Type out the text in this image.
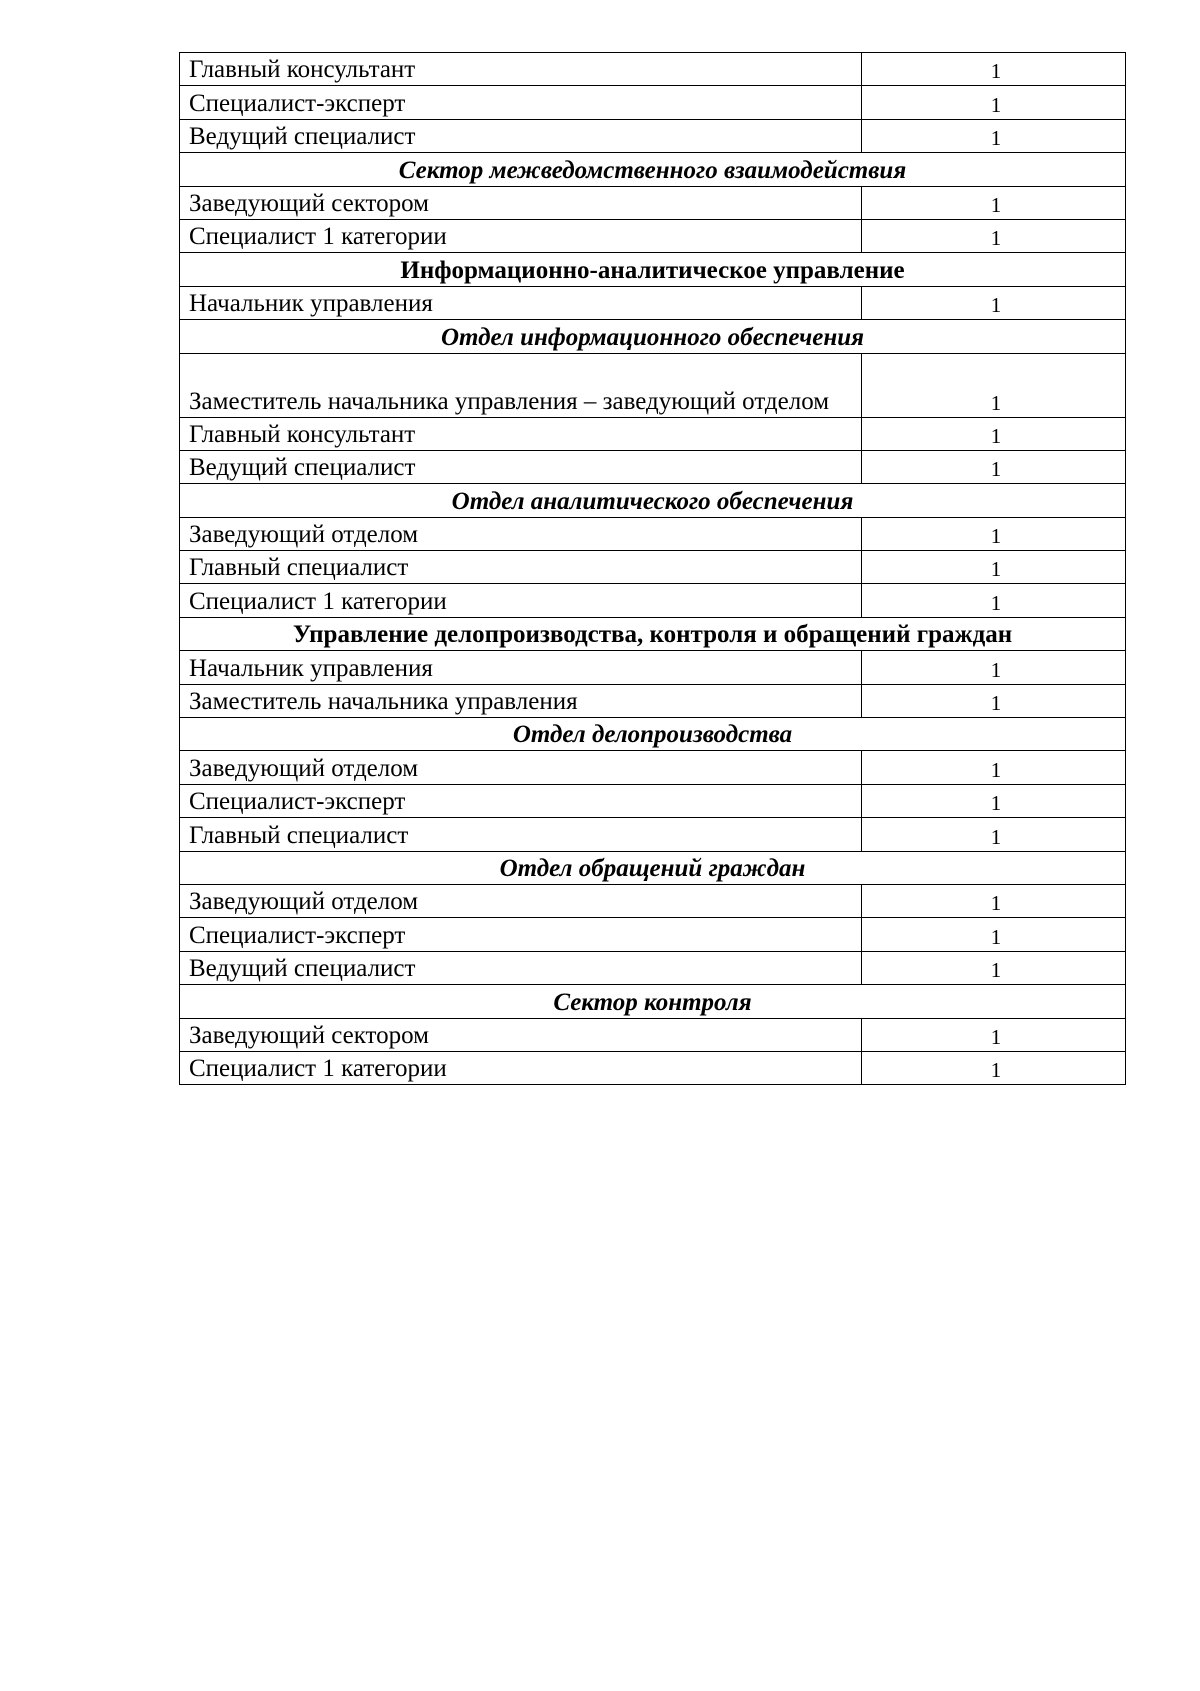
Главный консультант	1
Специалист-эксперт	1
Ведущий специалист	1
Сектор межведомственного взаимодействия	
Заведующий сектором	1
Специалист 1 категории	1
Информационно-аналитическое управление	
Начальник управления	1
Отдел информационного обеспечения	
Заместитель начальника управления – заведующий отделом	1
Главный консультант	1
Ведущий специалист	1
Отдел аналитического обеспечения	
Заведующий отделом	1
Главный специалист	1
Специалист 1 категории	1
Управление делопроизводства, контроля и обращений граждан	
Начальник управления	1
Заместитель начальника управления	1
Отдел делопроизводства	
Заведующий отделом	1
Специалист-эксперт	1
Главный специалист	1
Отдел обращений граждан	
Заведующий отделом	1
Специалист-эксперт	1
Ведущий специалист	1
Сектор контроля	
Заведующий сектором	1
Специалист 1 категории	1
